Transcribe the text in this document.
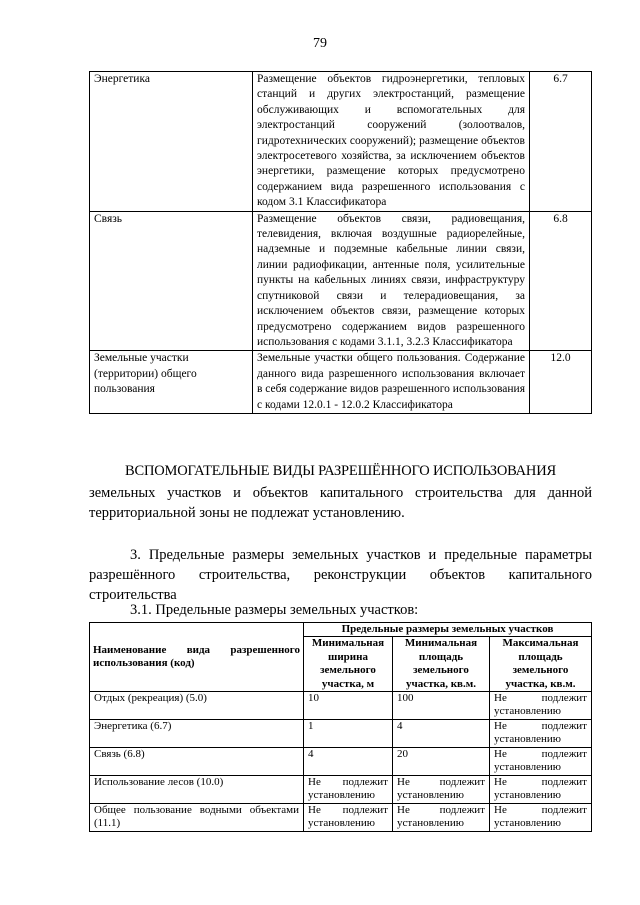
79
Энергетика	Размещение объектов гидроэнергетики, тепловых станций и других электростанций, размещение обслуживающих и вспомогательных для электростанций сооружений (золоотвалов, гидротехнических сооружений); размещение объектов электросетевого хозяйства, за исключением объектов энергетики, размещение которых предусмотрено содержанием вида разрешенного использования с кодом 3.1 Классификатора	6.7
Связь	Размещение объектов связи, радиовещания, телевидения, включая воздушные радиорелейные, надземные и подземные кабельные линии связи, линии радиофикации, антенные поля, усилительные пункты на кабельных линиях связи, инфраструктуру спутниковой связи и телерадиовещания, за исключением объектов связи, размещение которых предусмотрено содержанием видов разрешенного использования с кодами 3.1.1, 3.2.3 Классификатора	6.8
Земельные участки (территории) общего пользования	Земельные участки общего пользования. Содержание данного вида разрешенного использования включает в себя содержание видов разрешенного использования с кодами 12.0.1 - 12.0.2 Классификатора	12.0
ВСПОМОГАТЕЛЬНЫЕ ВИДЫ РАЗРЕШЁННОГО ИСПОЛЬЗОВАНИЯ
земельных участков и объектов капитального строительства для данной территориальной зоны не подлежат установлению.
3. Предельные размеры земельных участков и предельные параметры разрешённого строительства, реконструкции объектов капитального строительства
3.1. Предельные размеры земельных участков:
Наименование вида разрешенного использования (код)	Предельные размеры земельных участков		
	Минимальная ширина земельного участка, м	Минимальная площадь земельного участка, кв.м.	Максимальная площадь земельного участка, кв.м.
Отдых (рекреация) (5.0)	10	100	Не подлежит установлению
Энергетика (6.7)	1	4	Не подлежит установлению
Связь (6.8)	4	20	Не подлежит установлению
Использование лесов (10.0)	Не подлежит установлению	Не подлежит установлению	Не подлежит установлению
Общее пользование водными объектами (11.1)	Не подлежит установлению	Не подлежит установлению	Не подлежит установлению
